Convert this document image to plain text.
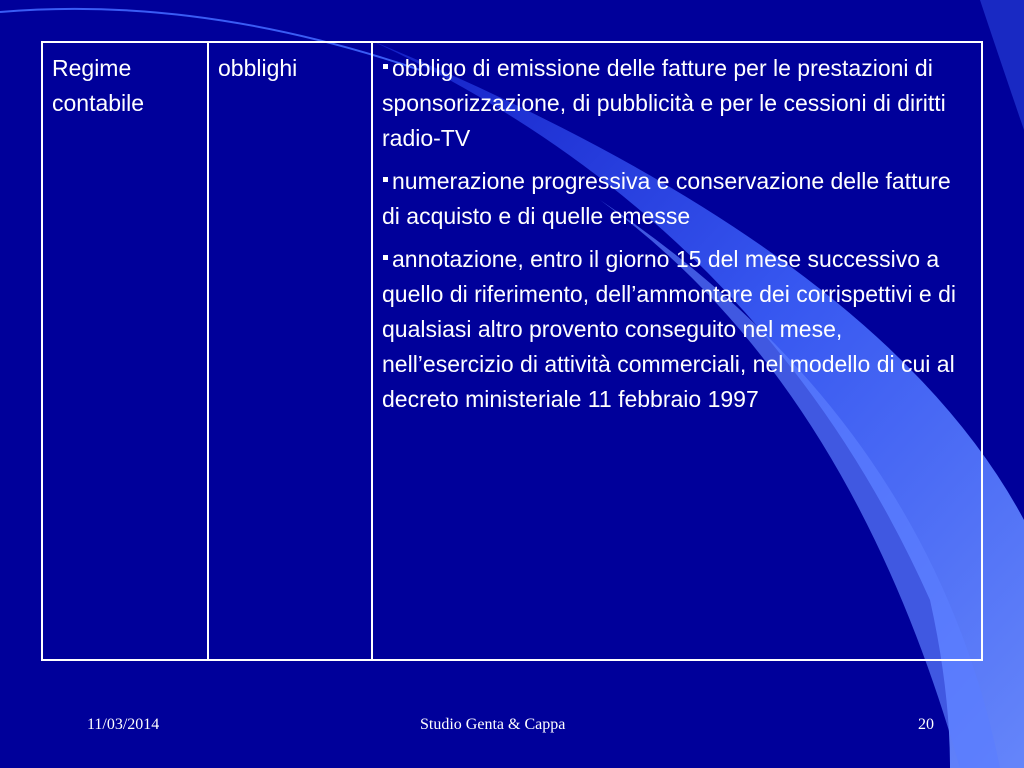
Regime contabile	obblighi	obbligo di emissione delle fatture per le prestazioni di sponsorizzazione, di pubblicità e per le cessioni di diritti radio-TV
numerazione progressiva e conservazione delle fatture di acquisto e di quelle emesse
annotazione, entro il giorno 15 del mese successivo a quello di riferimento, dell’ammontare dei corrispettivi e di qualsiasi altro provento conseguito nel mese, nell’esercizio di attività commerciali, nel modello di cui al decreto ministeriale 11 febbraio 1997
11/03/2014	Studio Genta & Cappa	20
